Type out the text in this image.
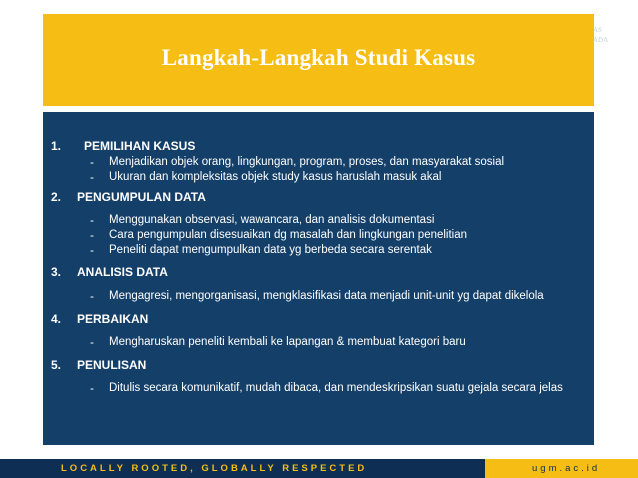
Langkah-Langkah Studi Kasus
AS
ADA
1. PEMILIHAN KASUS
- Menjadikan objek orang, lingkungan, program, proses, dan masyarakat sosial
- Ukuran dan kompleksitas objek study kasus haruslah masuk akal
2. PENGUMPULAN DATA
- Menggunakan observasi, wawancara, dan analisis dokumentasi
- Cara pengumpulan disesuaikan dg masalah dan lingkungan penelitian
- Peneliti dapat mengumpulkan data yg berbeda secara serentak
3. ANALISIS DATA
- Mengagresi, mengorganisasi, mengklasifikasi data menjadi unit-unit yg dapat dikelola
4. PERBAIKAN
- Mengharuskan peneliti kembali ke lapangan & membuat kategori baru
5. PENULISAN
- Ditulis secara komunikatif, mudah dibaca, dan mendeskripsikan suatu gejala secara jelas
LOCALLY ROOTED, GLOBALLY RESPECTED	ugm.ac.id
